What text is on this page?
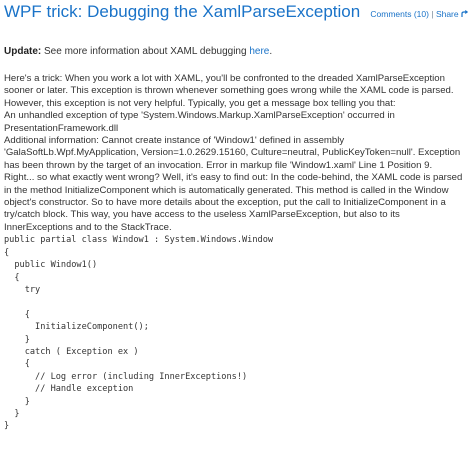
WPF trick: Debugging the XamlParseException	Comments (10) | Share
Update: See more information about XAML debugging here.

Here's a trick: When you work a lot with XAML, you'll be confronted to the dreaded XamlParseException sooner or later. This exception is thrown whenever something goes wrong while the XAML code is parsed. However, this exception is not very helpful. Typically, you get a message box telling you that:

An unhandled exception of type 'System.Windows.Markup.XamlParseException' occurred in PresentationFramework.dll

Additional information: Cannot create instance of 'Window1' defined in assembly 'GalaSoftLb.Wpf.MyApplication, Version=1.0.2629.15160, Culture=neutral, PublicKeyToken=null'. Exception has been thrown by the target of an invocation. Error in markup file 'Window1.xaml' Line 1 Position 9.

Right... so what exactly went wrong? Well, it's easy to find out: In the code-behind, the XAML code is parsed in the method InitializeComponent which is automatically generated. This method is called in the Window object's constructor. So to have more details about the exception, put the call to InitializeComponent in a try/catch block. This way, you have access to the useless XamlParseException, but also to its InnerExceptions and to the StackTrace.

public partial class Window1 : System.Windows.Window
{
public Window1()
{
try

{
InitializeComponent();
}
catch ( Exception ex )
{
// Log error (including InnerExceptions!)
// Handle exception
}
}
}
